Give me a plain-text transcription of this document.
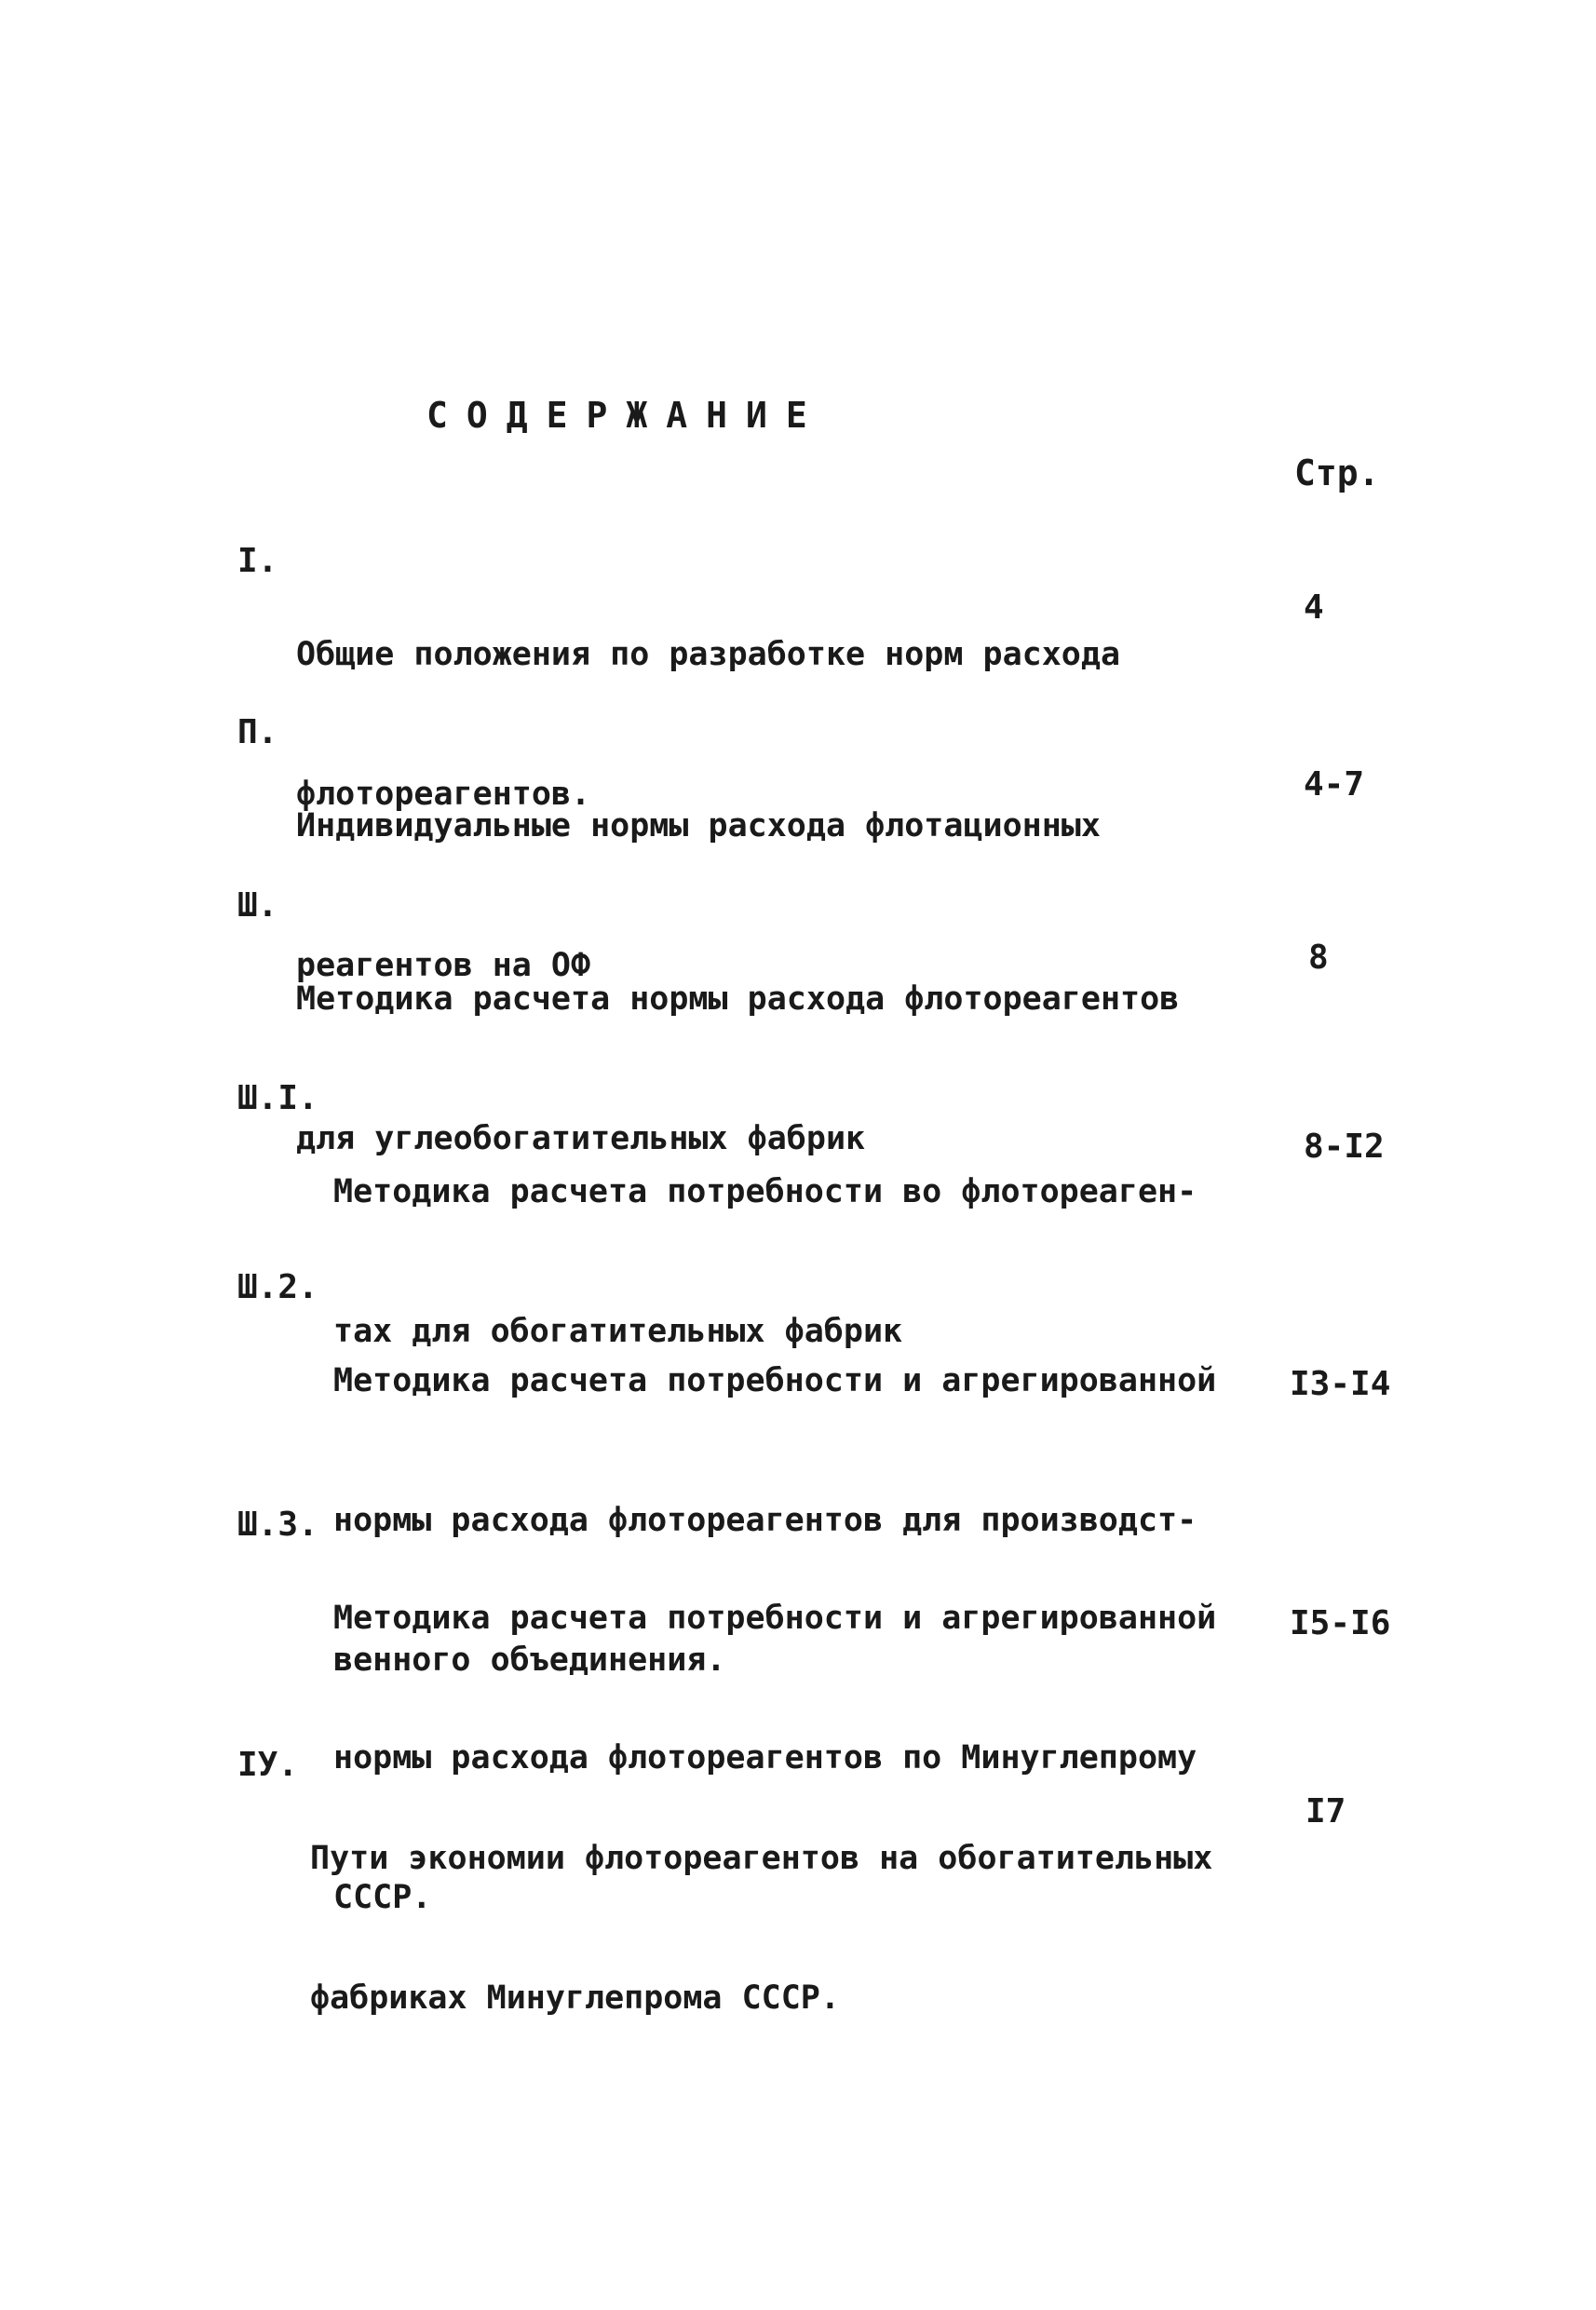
СОДЕРЖАНИЕ
Стр.
I.

Общие положения по разработке норм расхода

флотореагентов.

4
П.

Индивидуальные нормы расхода флотационных

реагентов на ОФ

4-7
Ш.

Методика расчета нормы расхода флотореагентов

для углеобогатительных фабрик

8
Ш.I.

Методика расчета потребности во флотореаген-

тах для обогатительных фабрик

8-I2
Ш.2.

Методика расчета потребности и агрегированной

нормы расхода флотореагентов для производст-

венного объединения.

I3-I4
Ш.3.

Методика расчета потребности и агрегированной

нормы расхода флотореагентов по Минуглепрому

СССР.

I5-I6
IУ.

Пути экономии флотореагентов на обогатительных

фабриках Минуглепрома СССР.

I7
